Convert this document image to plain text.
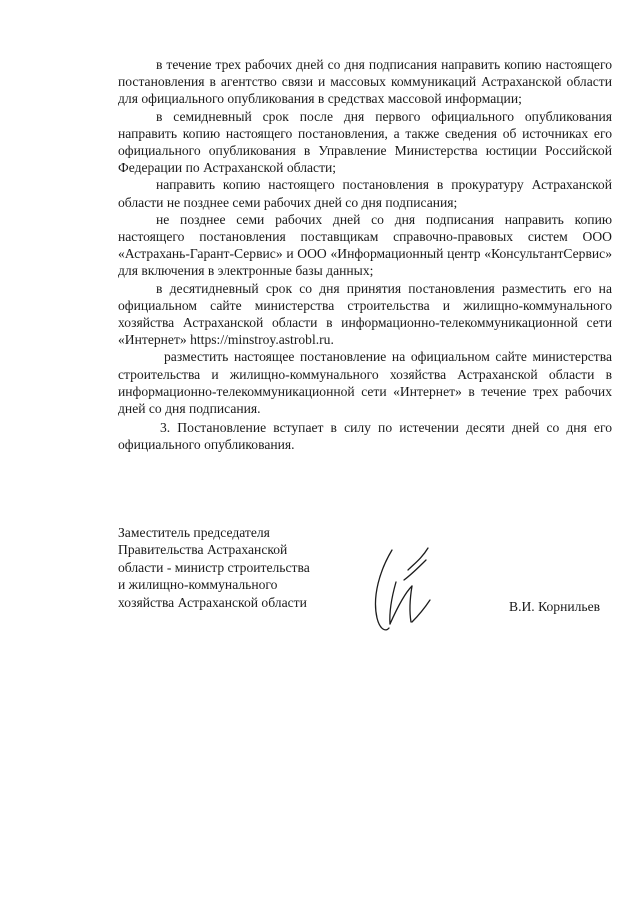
в течение трех рабочих дней со дня подписания направить копию настоящего постановления в агентство связи и массовых коммуникаций Астраханской области для официального опубликования в средствах массовой информации;

в семидневный срок после дня первого официального опубликования направить копию настоящего постановления, а также сведения об источниках его официального опубликования в Управление Министерства юстиции Российской Федерации по Астраханской области;

направить копию настоящего постановления в прокуратуру Астраханской области не позднее семи рабочих дней со дня подписания;

не позднее семи рабочих дней со дня подписания направить копию настоящего постановления поставщикам справочно-правовых систем ООО «Астрахань-Гарант-Сервис» и ООО «Информационный центр «КонсультантСервис» для включения в электронные базы данных;

в десятидневный срок со дня принятия постановления разместить его на официальном сайте министерства строительства и жилищно-коммунального хозяйства Астраханской области в информационно-телекоммуникационной сети «Интернет» https://minstroy.astrobl.ru.

разместить настоящее постановление на официальном сайте министерства строительства и жилищно-коммунального хозяйства Астраханской области в информационно-телекоммуникационной сети «Интернет» в течение трех рабочих дней со дня подписания.

3. Постановление вступает в силу по истечении десяти дней со дня его официального опубликования.

Заместитель председателя
Правительства Астраханской
области - министр строительства
и жилищно-коммунального
хозяйства Астраханской области	В.И. Корнильев
